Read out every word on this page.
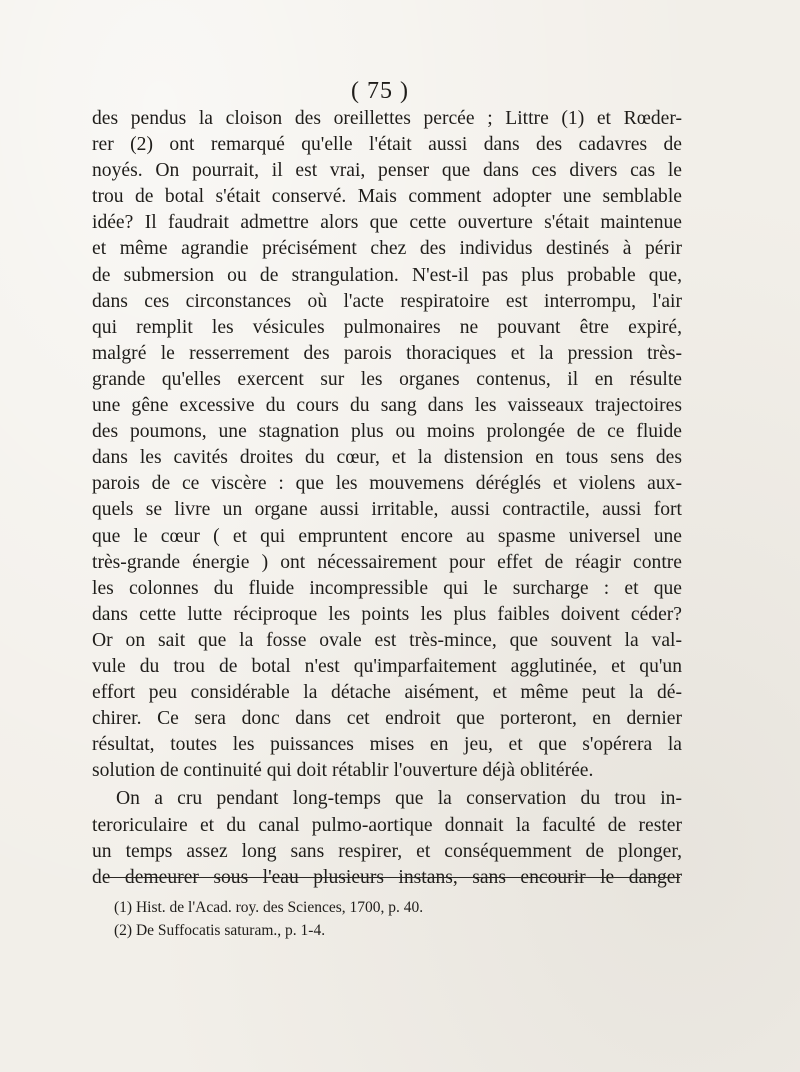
( 75 )

des pendus la cloison des oreillettes percée ; Littre (1) et Rœder-

rer (2) ont remarqué qu'elle l'était aussi dans des cadavres de

noyés. On pourrait, il est vrai, penser que dans ces divers cas le

trou de botal s'était conservé. Mais comment adopter une semblable

idée? Il faudrait admettre alors que cette ouverture s'était maintenue

et même agrandie précisément chez des individus destinés à périr

de submersion ou de strangulation. N'est-il pas plus probable que,

dans ces circonstances où l'acte respiratoire est interrompu, l'air

qui remplit les vésicules pulmonaires ne pouvant être expiré,

malgré le resserrement des parois thoraciques et la pression très-

grande qu'elles exercent sur les organes contenus, il en résulte

une gêne excessive du cours du sang dans les vaisseaux trajectoires

des poumons, une stagnation plus ou moins prolongée de ce fluide

dans les cavités droites du cœur, et la distension en tous sens des

parois de ce viscère : que les mouvemens déréglés et violens aux-

quels se livre un organe aussi irritable, aussi contractile, aussi fort

que le cœur ( et qui empruntent encore au spasme universel une

très-grande énergie ) ont nécessairement pour effet de réagir contre

les colonnes du fluide incompressible qui le surcharge : et que

dans cette lutte réciproque les points les plus faibles doivent céder?

Or on sait que la fosse ovale est très-mince, que souvent la val-

vule du trou de botal n'est qu'imparfaitement agglutinée, et qu'un

effort peu considérable la détache aisément, et même peut la dé-

chirer. Ce sera donc dans cet endroit que porteront, en dernier

résultat, toutes les puissances mises en jeu, et que s'opérera la

solution de continuité qui doit rétablir l'ouverture déjà oblitérée.

On a cru pendant long-temps que la conservation du trou in-

teroriculaire et du canal pulmo-aortique donnait la faculté de rester

un temps assez long sans respirer, et conséquemment de plonger,

de demeurer sous l'eau plusieurs instans, sans encourir le danger

(1) Hist. de l'Acad. roy. des Sciences, 1700, p. 40.

(2) De Suffocatis saturam., p. 1-4.
